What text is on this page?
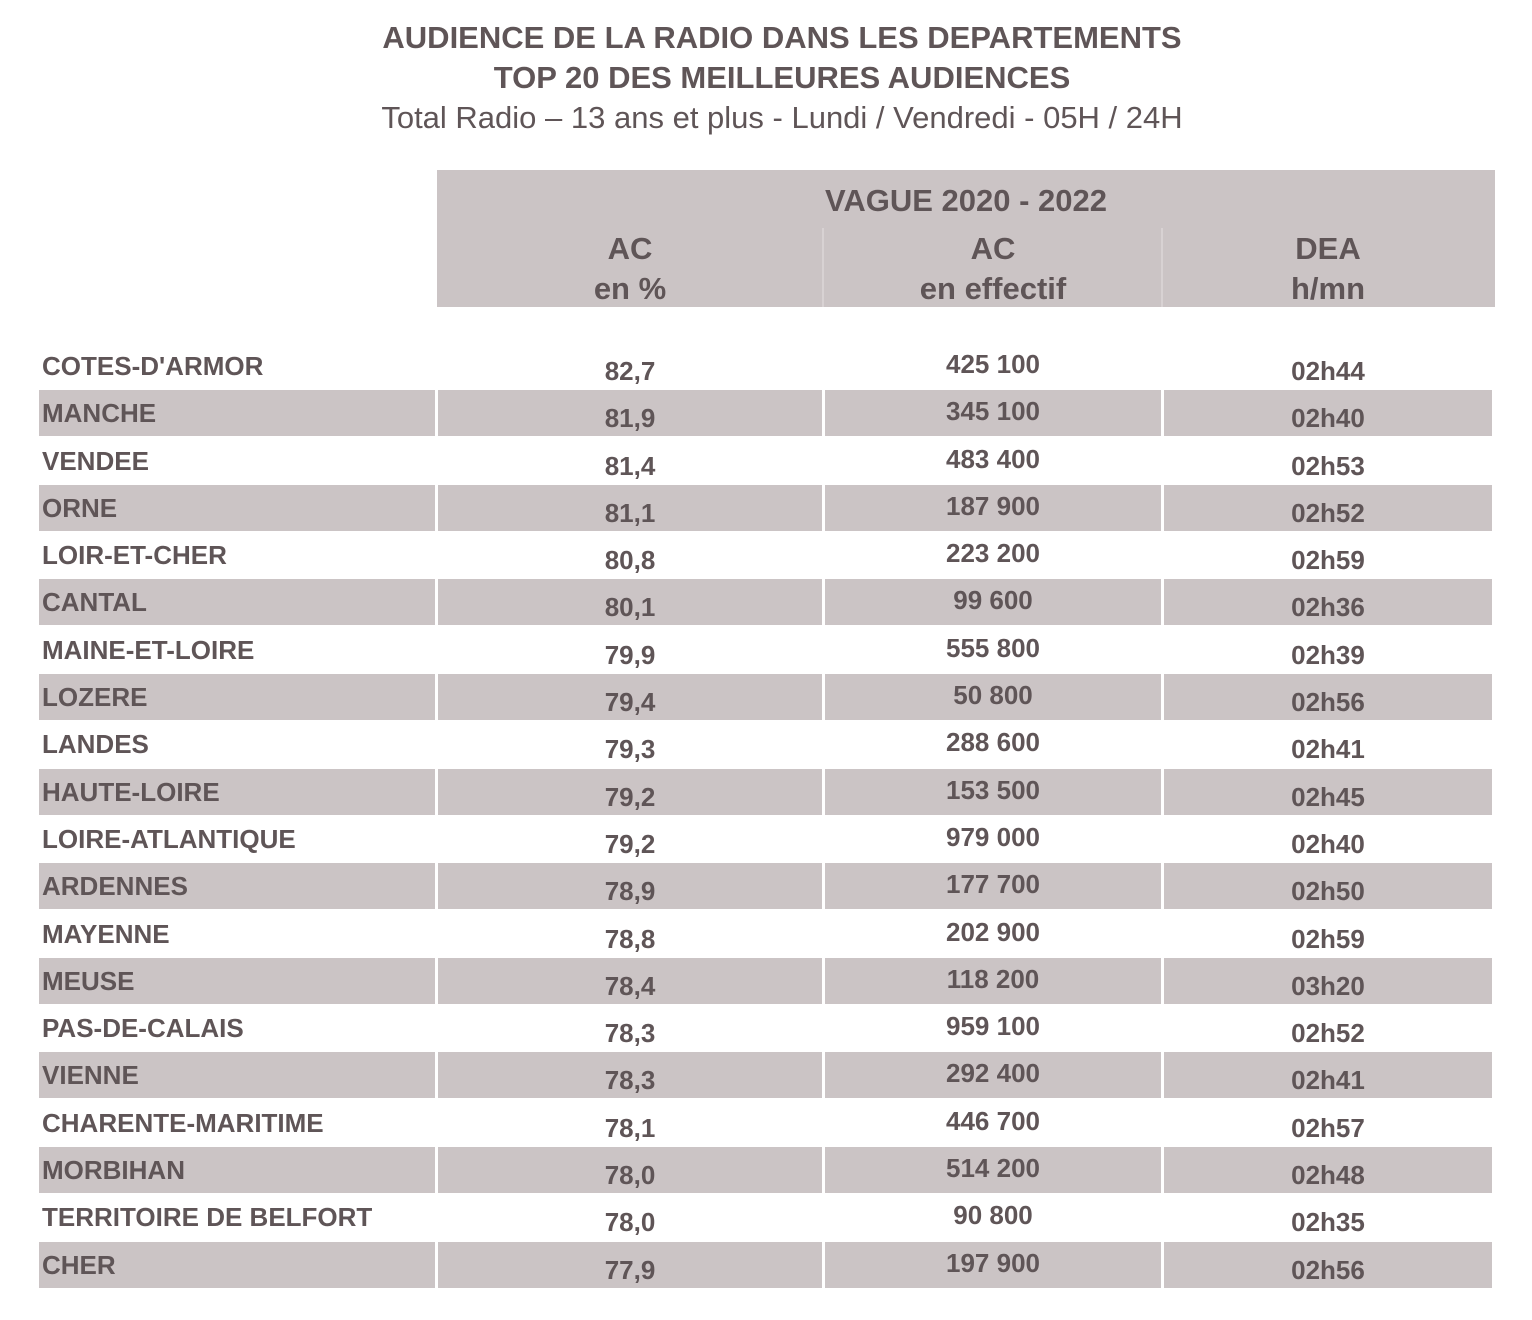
AUDIENCE DE LA RADIO DANS LES DEPARTEMENTS
TOP 20 DES MEILLEURES AUDIENCES
Total Radio – 13 ans et plus - Lundi / Vendredi - 05H / 24H
VAGUE 2020 - 2022
AC
en %
AC
en effectif
DEA
h/mn
COTES-D'ARMOR	82,7	425 100	02h44
MANCHE	81,9	345 100	02h40
VENDEE	81,4	483 400	02h53
ORNE	81,1	187 900	02h52
LOIR-ET-CHER	80,8	223 200	02h59
CANTAL	80,1	99 600	02h36
MAINE-ET-LOIRE	79,9	555 800	02h39
LOZERE	79,4	50 800	02h56
LANDES	79,3	288 600	02h41
HAUTE-LOIRE	79,2	153 500	02h45
LOIRE-ATLANTIQUE	79,2	979 000	02h40
ARDENNES	78,9	177 700	02h50
MAYENNE	78,8	202 900	02h59
MEUSE	78,4	118 200	03h20
PAS-DE-CALAIS	78,3	959 100	02h52
VIENNE	78,3	292 400	02h41
CHARENTE-MARITIME	78,1	446 700	02h57
MORBIHAN	78,0	514 200	02h48
TERRITOIRE DE BELFORT	78,0	90 800	02h35
CHER	77,9	197 900	02h56
